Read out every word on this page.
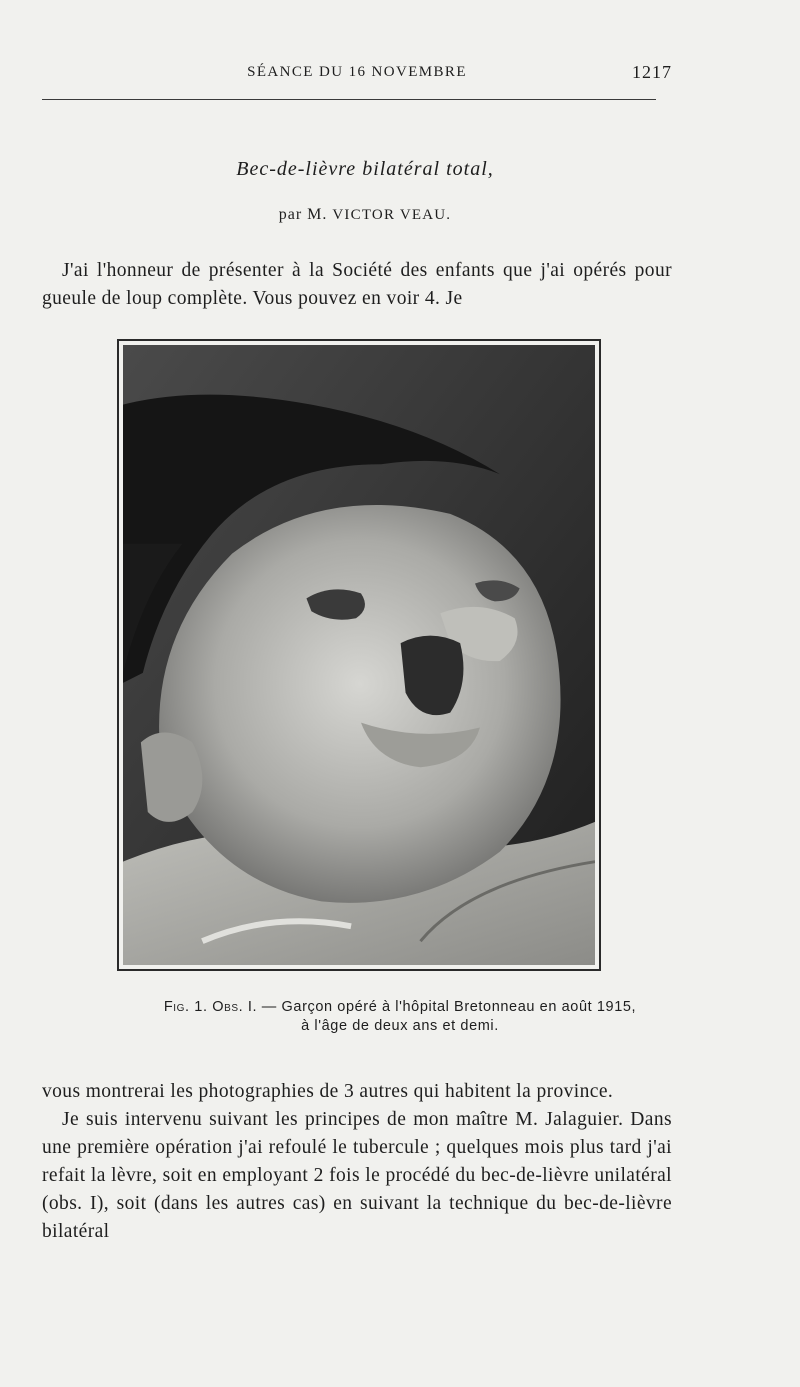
SÉANCE DU 16 NOVEMBRE	1217
Bec-de-lièvre bilatéral total,
par M. VICTOR VEAU.
J'ai l'honneur de présenter à la Société des enfants que j'ai opérés pour gueule de loup complète. Vous pouvez en voir 4. Je
Fig. 1. Obs. I. — Garçon opéré à l'hôpital Bretonneau en août 1915,
à l'âge de deux ans et demi.
vous montrerai les photographies de 3 autres qui habitent la province.
Je suis intervenu suivant les principes de mon maître M. Jalaguier. Dans une première opération j'ai refoulé le tubercule ; quelques mois plus tard j'ai refait la lèvre, soit en employant 2 fois le procédé du bec-de-lièvre unilatéral (obs. I), soit (dans les autres cas) en suivant la technique du bec-de-lièvre bilatéral
